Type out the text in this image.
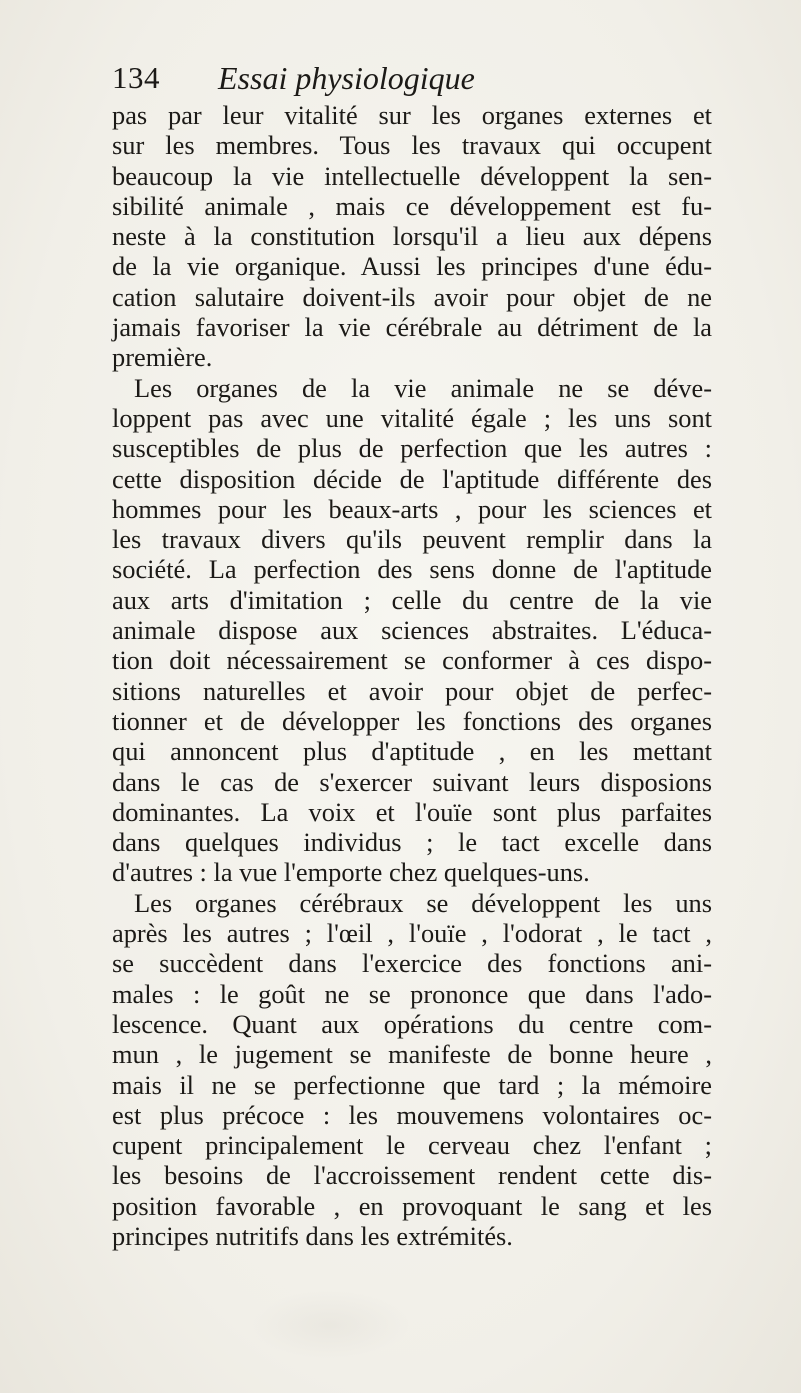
134 Essai physiologique
pas par leur vitalité sur les organes externes et
sur les membres. Tous les travaux qui occupent
beaucoup la vie intellectuelle développent la sen-
sibilité animale , mais ce développement est fu-
neste à la constitution lorsqu'il a lieu aux dépens
de la vie organique. Aussi les principes d'une édu-
cation salutaire doivent-ils avoir pour objet de ne
jamais favoriser la vie cérébrale au détriment de la
première.
Les organes de la vie animale ne se déve-
loppent pas avec une vitalité égale ; les uns sont
susceptibles de plus de perfection que les autres :
cette disposition décide de l'aptitude différente des
hommes pour les beaux-arts , pour les sciences et
les travaux divers qu'ils peuvent remplir dans la
société. La perfection des sens donne de l'aptitude
aux arts d'imitation ; celle du centre de la vie
animale dispose aux sciences abstraites. L'éduca-
tion doit nécessairement se conformer à ces dispo-
sitions naturelles et avoir pour objet de perfec-
tionner et de développer les fonctions des organes
qui annoncent plus d'aptitude , en les mettant
dans le cas de s'exercer suivant leurs disposions
dominantes. La voix et l'ouïe sont plus parfaites
dans quelques individus ; le tact excelle dans
d'autres : la vue l'emporte chez quelques-uns.
Les organes cérébraux se développent les uns
après les autres ; l'œil , l'ouïe , l'odorat , le tact ,
se succèdent dans l'exercice des fonctions ani-
males : le goût ne se prononce que dans l'ado-
lescence. Quant aux opérations du centre com-
mun , le jugement se manifeste de bonne heure ,
mais il ne se perfectionne que tard ; la mémoire
est plus précoce : les mouvemens volontaires oc-
cupent principalement le cerveau chez l'enfant ;
les besoins de l'accroissement rendent cette dis-
position favorable , en provoquant le sang et les
principes nutritifs dans les extrémités.
